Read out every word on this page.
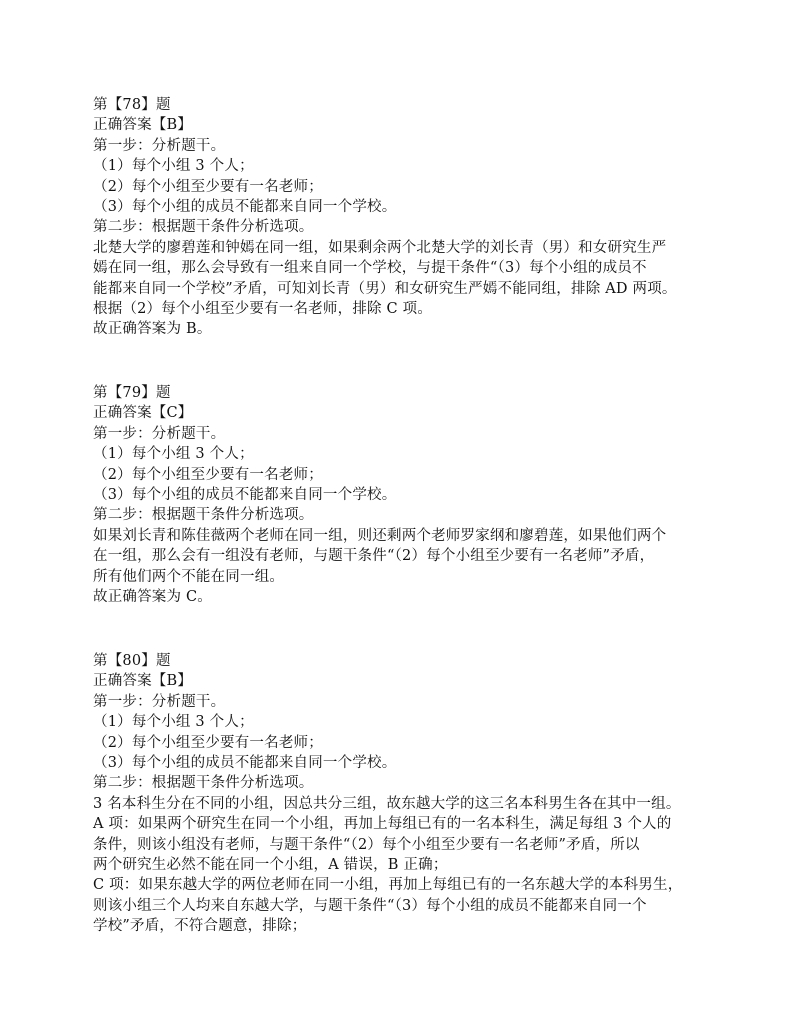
第【78】题
正确答案【B】
第一步：分析题干。
（1）每个小组 3 个人；
（2）每个小组至少要有一名老师；
（3）每个小组的成员不能都来自同一个学校。
第二步：根据题干条件分析选项。
北楚大学的廖碧莲和钟嫣在同一组，如果剩余两个北楚大学的刘长青（男）和女研究生严
嫣在同一组，那么会导致有一组来自同一个学校，与提干条件“（3）每个小组的成员不
能都来自同一个学校”矛盾，可知刘长青（男）和女研究生严嫣不能同组，排除 AD 两项。
根据（2）每个小组至少要有一名老师，排除 C 项。
故正确答案为 B。
第【79】题
正确答案【C】
第一步：分析题干。
（1）每个小组 3 个人；
（2）每个小组至少要有一名老师；
（3）每个小组的成员不能都来自同一个学校。
第二步：根据题干条件分析选项。
如果刘长青和陈佳薇两个老师在同一组，则还剩两个老师罗家纲和廖碧莲，如果他们两个
在一组，那么会有一组没有老师，与题干条件“（2）每个小组至少要有一名老师”矛盾，
所有他们两个不能在同一组。
故正确答案为 C。
第【80】题
正确答案【B】
第一步：分析题干。
（1）每个小组 3 个人；
（2）每个小组至少要有一名老师；
（3）每个小组的成员不能都来自同一个学校。
第二步：根据题干条件分析选项。
3 名本科生分在不同的小组，因总共分三组，故东越大学的这三名本科男生各在其中一组。
A 项：如果两个研究生在同一个小组，再加上每组已有的一名本科生，满足每组 3 个人的
条件，则该小组没有老师，与题干条件“（2）每个小组至少要有一名老师”矛盾，所以
两个研究生必然不能在同一个小组，A 错误，B 正确；
C 项：如果东越大学的两位老师在同一小组，再加上每组已有的一名东越大学的本科男生，
则该小组三个人均来自东越大学，与题干条件“（3）每个小组的成员不能都来自同一个
学校”矛盾，不符合题意，排除；
